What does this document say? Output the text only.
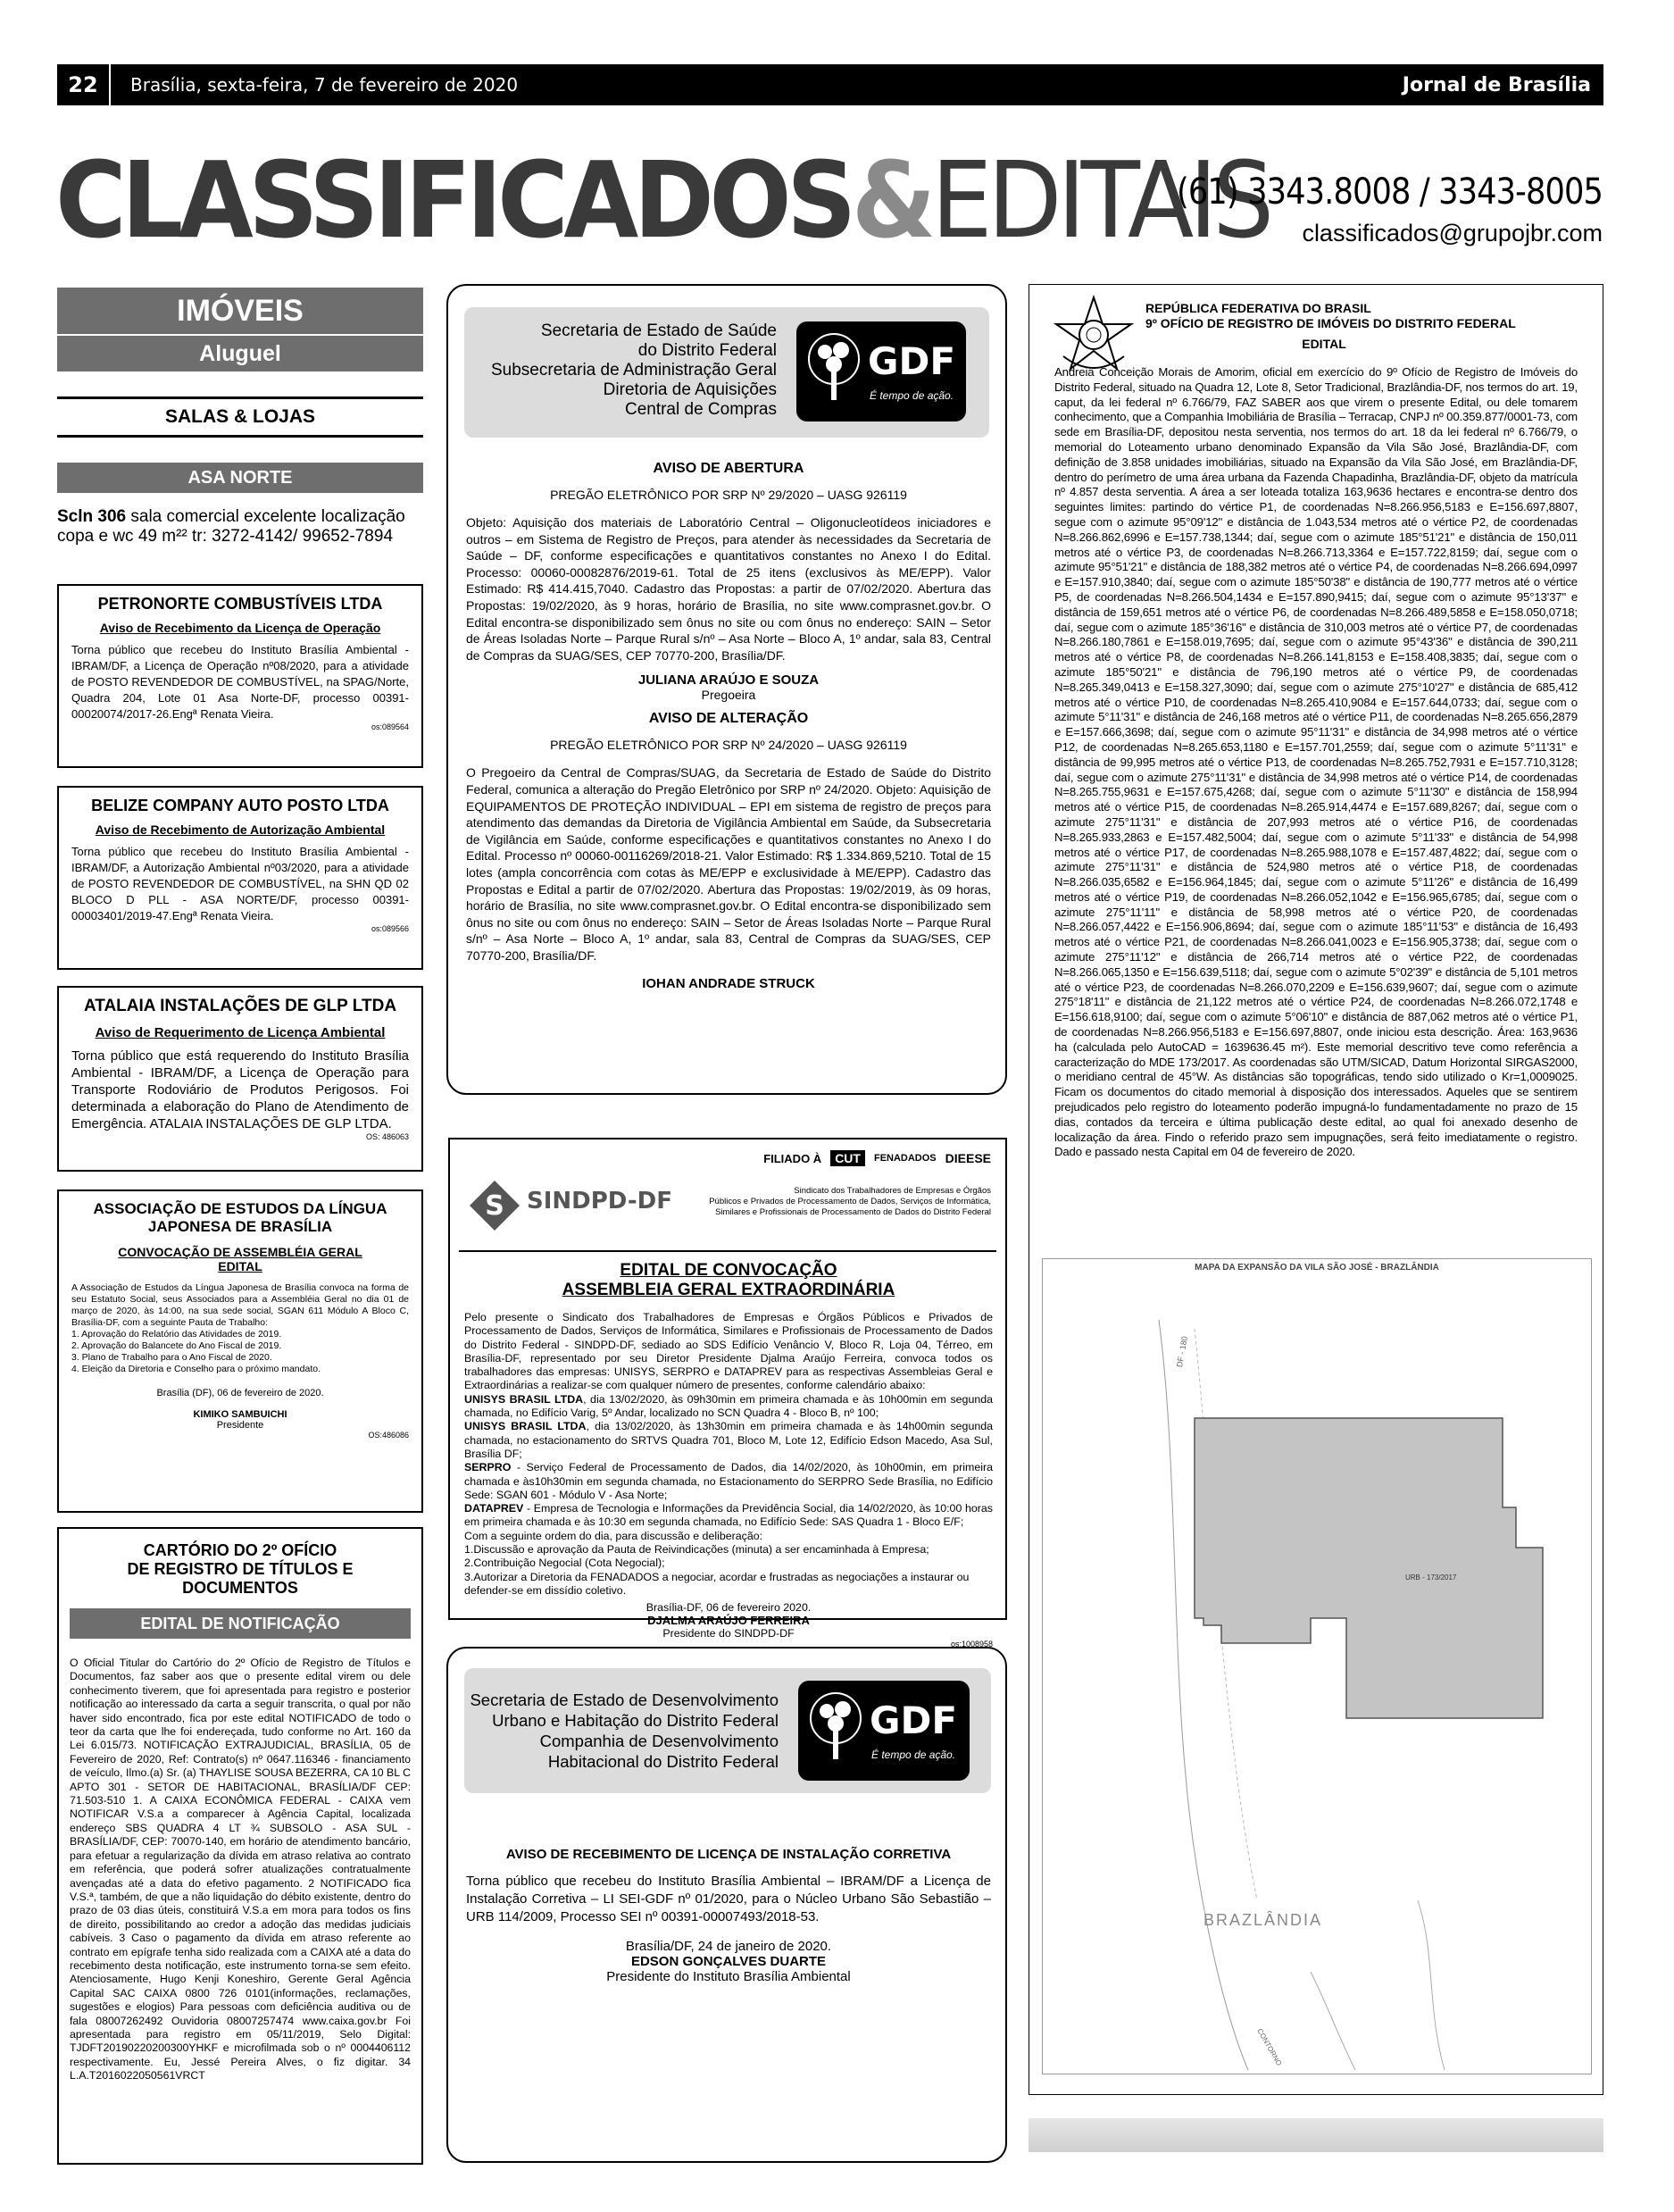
22	Brasília, sexta-feira, 7 de fevereiro de 2020	Jornal de Brasília
CLASSIFICADOS&EDITAIS
(61) 3343.8008 / 3343-8005
classificados@grupojbr.com
IMÓVEIS
Aluguel
SALAS & LOJAS
ASA NORTE

Scln 306 sala comercial excelente localização copa e wc 49 m²² tr: 3272-4142/ 99652-7894

PETRONORTE COMBUSTÍVEIS LTDA
Aviso de Recebimento da Licença de Operação

Torna público que recebeu do Instituto Brasília Ambiental - IBRAM/DF, a Licença de Operação nº08/2020, para a atividade de POSTO REVENDEDOR DE COMBUSTÍVEL, na SPAG/Norte, Quadra 204, Lote 01 Asa Norte-DF, processo 00391-00020074/2017-26.Engª Renata Vieira.

os:089564
BELIZE COMPANY AUTO POSTO LTDA
Aviso de Recebimento de Autorização Ambiental

Torna público que recebeu do Instituto Brasília Ambiental - IBRAM/DF, a Autorização Ambiental nº03/2020, para a atividade de POSTO REVENDEDOR DE COMBUSTÍVEL, na SHN QD 02 BLOCO D PLL - ASA NORTE/DF, processo 00391-00003401/2019-47.Engª Renata Vieira.

os:089566
ATALAIA INSTALAÇÕES DE GLP LTDA
Aviso de Requerimento de Licença Ambiental

Torna público que está requerendo do Instituto Brasília Ambiental - IBRAM/DF, a Licença de Operação para Transporte Rodoviário de Produtos Perigosos. Foi determinada a elaboração do Plano de Atendimento de Emergência. ATALAIA INSTALAÇÕES DE GLP LTDA.

OS: 486063
ASSOCIAÇÃO DE ESTUDOS DA LÍNGUA
JAPONESA DE BRASÍLIA
CONVOCAÇÃO DE ASSEMBLÉIA GERAL
EDITAL

A Associação de Estudos da Língua Japonesa de Brasília convoca na forma de seu Estatuto Social, seus Associados para a Assembléia Geral no dia 01 de março de 2020, às 14:00, na sua sede social, SGAN 611 Módulo A Bloco C, Brasília-DF, com a seguinte Pauta de Trabalho:

1. Aprovação do Relatório das Atividades de 2019.
2. Aprovação do Balancete do Ano Fiscal de 2019.
3. Plano de Trabalho para o Ano Fiscal de 2020.
4. Eleição da Diretoria e Conselho para o próximo mandato.
Brasília (DF), 06 de fevereiro de 2020.
KIMIKO SAMBUICHI
Presidente
OS:486086
CARTÓRIO DO 2º OFÍCIO
DE REGISTRO DE TÍTULOS E DOCUMENTOS
EDITAL DE NOTIFICAÇÃO

O Oficial Titular do Cartório do 2º Ofício de Registro de Títulos e Documentos, faz saber aos que o presente edital virem ou dele conhecimento tiverem, que foi apresentada para registro e posterior notificação ao interessado da carta a seguir transcrita, o qual por não haver sido encontrado, fica por este edital NOTIFICADO de todo o teor da carta que lhe foi endereçada, tudo conforme no Art. 160 da Lei 6.015/73. NOTIFICAÇÃO EXTRAJUDICIAL, BRASÍLIA, 05 de Fevereiro de 2020, Ref: Contrato(s) nº 0647.116346 - financiamento de veículo, Ilmo.(a) Sr. (a) THAYLISE SOUSA BEZERRA, CA 10 BL C APTO 301 - SETOR DE HABITACIONAL, BRASÍLIA/DF CEP: 71.503-510 1. A CAIXA ECONÔMICA FEDERAL - CAIXA vem NOTIFICAR V.S.a a comparecer à Agência Capital, localizada endereço SBS QUADRA 4 LT ¾ SUBSOLO - ASA SUL - BRASÍLIA/DF, CEP: 70070-140, em horário de atendimento bancário, para efetuar a regularização da dívida em atraso relativa ao contrato em referência, que poderá sofrer atualizações contratualmente avençadas até a data do efetivo pagamento. 2 NOTIFICADO fica V.S.ª, também, de que a não liquidação do débito existente, dentro do prazo de 03 dias úteis, constituirá V.S.a em mora para todos os fins de direito, possibilitando ao credor a adoção das medidas judiciais cabíveis. 3 Caso o pagamento da dívida em atraso referente ao contrato em epígrafe tenha sido realizada com a CAIXA até a data do recebimento desta notificação, este instrumento torna-se sem efeito. Atenciosamente, Hugo Kenji Koneshiro, Gerente Geral Agência Capital SAC CAIXA 0800 726 0101(informações, reclamações, sugestões e elogios) Para pessoas com deficiência auditiva ou de fala 08007262492 Ouvidoria 08007257474 www.caixa.gov.br Foi apresentada para registro em 05/11/2019, Selo Digital: TJDFT20190220200300YHKF e microfilmada sob o nº 0004406112 respectivamente. Eu, Jessé Pereira Alves, o fiz digitar. 34 L.A.T2016022050561VRCT

Secretaria de Estado de Saúde
do Distrito Federal
Subsecretaria de Administração Geral
Diretoria de Aquisições
Central de Compras
GDF
É tempo de ação.
AVISO DE ABERTURA
PREGÃO ELETRÔNICO POR SRP Nº 29/2020 – UASG 926119

Objeto: Aquisição dos materiais de Laboratório Central – Oligonucleotídeos iniciadores e outros – em Sistema de Registro de Preços, para atender às necessidades da Secretaria de Saúde – DF, conforme especificações e quantitativos constantes no Anexo I do Edital. Processo: 00060-00082876/2019-61. Total de 25 itens (exclusivos às ME/EPP). Valor Estimado: R$ 414.415,7040. Cadastro das Propostas: a partir de 07/02/2020. Abertura das Propostas: 19/02/2020, às 9 horas, horário de Brasília, no site www.comprasnet.gov.br. O Edital encontra-se disponibilizado sem ônus no site ou com ônus no endereço: SAIN – Setor de Áreas Isoladas Norte – Parque Rural s/nº – Asa Norte – Bloco A, 1º andar, sala 83, Central de Compras da SUAG/SES, CEP 70770-200, Brasília/DF.

JULIANA ARAÚJO E SOUZA
Pregoeira
AVISO DE ALTERAÇÃO
PREGÃO ELETRÔNICO POR SRP Nº 24/2020 – UASG 926119

O Pregoeiro da Central de Compras/SUAG, da Secretaria de Estado de Saúde do Distrito Federal, comunica a alteração do Pregão Eletrônico por SRP nº 24/2020. Objeto: Aquisição de EQUIPAMENTOS DE PROTEÇÃO INDIVIDUAL – EPI em sistema de registro de preços para atendimento das demandas da Diretoria de Vigilância Ambiental em Saúde, da Subsecretaria de Vigilância em Saúde, conforme especificações e quantitativos constantes no Anexo I do Edital. Processo nº 00060-00116269/2018-21. Valor Estimado: R$ 1.334.869,5210. Total de 15 lotes (ampla concorrência com cotas às ME/EPP e exclusividade à ME/EPP). Cadastro das Propostas e Edital a partir de 07/02/2020. Abertura das Propostas: 19/02/2019, às 09 horas, horário de Brasília, no site www.comprasnet.gov.br. O Edital encontra-se disponibilizado sem ônus no site ou com ônus no endereço: SAIN – Setor de Áreas Isoladas Norte – Parque Rural s/nº – Asa Norte – Bloco A, 1º andar, sala 83, Central de Compras da SUAG/SES, CEP 70770-200, Brasília/DF.

IOHAN ANDRADE STRUCK
FILIADO À	CUT	FENADADOS DIEESE
S SINDPD-DF	Sindicato dos Trabalhadores de Empresas e Órgãos
Públicos e Privados de Processamento de Dados, Serviços de Informática,
Similares e Profissionais de Processamento de Dados do Distrito Federal
EDITAL DE CONVOCAÇÃO
ASSEMBLEIA GERAL EXTRAORDINÁRIA

Pelo presente o Sindicato dos Trabalhadores de Empresas e Órgãos Públicos e Privados de Processamento de Dados, Serviços de Informática, Similares e Profissionais de Processamento de Dados do Distrito Federal - SINDPD-DF, sediado ao SDS Edifício Venâncio V, Bloco R, Loja 04, Térreo, em Brasília-DF, representado por seu Diretor Presidente Djalma Araújo Ferreira, convoca todos os trabalhadores das empresas: UNISYS, SERPRO e DATAPREV para as respectivas Assembleias Geral e Extraordinárias a realizar-se com qualquer número de presentes, conforme calendário abaixo:

UNISYS BRASIL LTDA, dia 13/02/2020, às 09h30min em primeira chamada e às 10h00min em segunda chamada, no Edifício Varig, 5º Andar, localizado no SCN Quadra 4 - Bloco B, nº 100;

UNISYS BRASIL LTDA, dia 13/02/2020, às 13h30min em primeira chamada e às 14h00min segunda chamada, no estacionamento do SRTVS Quadra 701, Bloco M, Lote 12, Edifício Edson Macedo, Asa Sul, Brasília DF;

SERPRO - Serviço Federal de Processamento de Dados, dia 14/02/2020, às 10h00min, em primeira chamada e às10h30min em segunda chamada, no Estacionamento do SERPRO Sede Brasília, no Edifício Sede: SGAN 601 - Módulo V - Asa Norte;

DATAPREV - Empresa de Tecnologia e Informações da Previdência Social, dia 14/02/2020, às 10:00 horas em primeira chamada e às 10:30 em segunda chamada, no Edifício Sede: SAS Quadra 1 - Bloco E/F;

Com a seguinte ordem do dia, para discussão e deliberação:

1.Discussão e aprovação da Pauta de Reivindicações (minuta) a ser encaminhada à Empresa;

2.Contribuição Negocial (Cota Negocial);

3.Autorizar a Diretoria da FENADADOS a negociar, acordar e frustradas as negociações a instaurar ou defender-se em dissídio coletivo.

Brasília-DF, 06 de fevereiro 2020.
DJALMA ARAÚJO FERREIRA
Presidente do SINDPD-DF
os:1008958
Secretaria de Estado de Desenvolvimento
Urbano e Habitação do Distrito Federal
Companhia de Desenvolvimento
Habitacional do Distrito Federal
GDF
É tempo de ação.
AVISO DE RECEBIMENTO DE LICENÇA DE INSTALAÇÃO CORRETIVA

Torna público que recebeu do Instituto Brasília Ambiental – IBRAM/DF a Licença de Instalação Corretiva – LI SEI-GDF nº 01/2020, para o Núcleo Urbano São Sebastião – URB 114/2009, Processo SEI nº 00391-00007493/2018-53.

Brasília/DF, 24 de janeiro de 2020.
EDSON GONÇALVES DUARTE
Presidente do Instituto Brasília Ambiental
REPÚBLICA FEDERATIVA DO BRASIL
9º OFÍCIO DE REGISTRO DE IMÓVEIS DO DISTRITO FEDERAL
EDITAL

Andreia Conceição Morais de Amorim, oficial em exercício do 9º Ofício de Registro de Imóveis do Distrito Federal, situado na Quadra 12, Lote 8, Setor Tradicional, Brazlândia-DF, nos termos do art. 19, caput, da lei federal nº 6.766/79, FAZ SABER aos que virem o presente Edital, ou dele tomarem conhecimento, que a Companhia Imobiliária de Brasília – Terracap, CNPJ nº 00.359.877/0001-73, com sede em Brasília-DF, depositou nesta serventia, nos termos do art. 18 da lei federal nº 6.766/79, o memorial do Loteamento urbano denominado Expansão da Vila São José, Brazlândia-DF, com definição de 3.858 unidades imobiliárias, situado na Expansão da Vila São José, em Brazlândia-DF, dentro do perímetro de uma área urbana da Fazenda Chapadinha, Brazlândia-DF, objeto da matrícula nº 4.857 desta serventia. A área a ser loteada totaliza 163,9636 hectares e encontra-se dentro dos seguintes limites: partindo do vértice P1, de coordenadas N=8.266.956,5183 e E=156.697,8807, segue com o azimute 95°09'12" e distância de 1.043,534 metros até o vértice P2, de coordenadas N=8.266.862,6996 e E=157.738,1344; daí, segue com o azimute 185°51'21" e distância de 150,011 metros até o vértice P3, de coordenadas N=8.266.713,3364 e E=157.722,8159; daí, segue com o azimute 95°51'21" e distância de 188,382 metros até o vértice P4, de coordenadas N=8.266.694,0997 e E=157.910,3840; daí, segue com o azimute 185°50'38" e distância de 190,777 metros até o vértice P5, de coordenadas N=8.266.504,1434 e E=157.890,9415; daí, segue com o azimute 95°13'37" e distância de 159,651 metros até o vértice P6, de coordenadas N=8.266.489,5858 e E=158.050,0718; daí, segue com o azimute 185°36'16" e distância de 310,003 metros até o vértice P7, de coordenadas N=8.266.180,7861 e E=158.019,7695; daí, segue com o azimute 95°43'36" e distância de 390,211 metros até o vértice P8, de coordenadas N=8.266.141,8153 e E=158.408,3835; daí, segue com o azimute 185°50'21" e distância de 796,190 metros até o vértice P9, de coordenadas N=8.265.349,0413 e E=158.327,3090; daí, segue com o azimute 275°10'27" e distância de 685,412 metros até o vértice P10, de coordenadas N=8.265.410,9084 e E=157.644,0733; daí, segue com o azimute 5°11'31" e distância de 246,168 metros até o vértice P11, de coordenadas N=8.265.656,2879 e E=157.666,3698; daí, segue com o azimute 95°11'31" e distância de 34,998 metros até o vértice P12, de coordenadas N=8.265.653,1180 e E=157.701,2559; daí, segue com o azimute 5°11'31" e distância de 99,995 metros até o vértice P13, de coordenadas N=8.265.752,7931 e E=157.710,3128; daí, segue com o azimute 275°11'31" e distância de 34,998 metros até o vértice P14, de coordenadas N=8.265.755,9631 e E=157.675,4268; daí, segue com o azimute 5°11'30" e distância de 158,994 metros até o vértice P15, de coordenadas N=8.265.914,4474 e E=157.689,8267; daí, segue com o azimute 275°11'31" e distância de 207,993 metros até o vértice P16, de coordenadas N=8.265.933,2863 e E=157.482,5004; daí, segue com o azimute 5°11'33" e distância de 54,998 metros até o vértice P17, de coordenadas N=8.265.988,1078 e E=157.487,4822; daí, segue com o azimute 275°11'31" e distância de 524,980 metros até o vértice P18, de coordenadas N=8.266.035,6582 e E=156.964,1845; daí, segue com o azimute 5°11'26" e distância de 16,499 metros até o vértice P19, de coordenadas N=8.266.052,1042 e E=156.965,6785; daí, segue com o azimute 275°11'11" e distância de 58,998 metros até o vértice P20, de coordenadas N=8.266.057,4422 e E=156.906,8694; daí, segue com o azimute 185°11'53" e distância de 16,493 metros até o vértice P21, de coordenadas N=8.266.041,0023 e E=156.905,3738; daí, segue com o azimute 275°11'12" e distância de 266,714 metros até o vértice P22, de coordenadas N=8.266.065,1350 e E=156.639,5118; daí, segue com o azimute 5°02'39" e distância de 5,101 metros até o vértice P23, de coordenadas N=8.266.070,2209 e E=156.639,9607; daí, segue com o azimute 275°18'11" e distância de 21,122 metros até o vértice P24, de coordenadas N=8.266.072,1748 e E=156.618,9100; daí, segue com o azimute 5°06'10" e distância de 887,062 metros até o vértice P1, de coordenadas N=8.266.956,5183 e E=156.697,8807, onde iniciou esta descrição. Área: 163,9636 ha (calculada pelo AutoCAD = 1639636.45 m²). Este memorial descritivo teve como referência a caracterização do MDE 173/2017. As coordenadas são UTM/SICAD, Datum Horizontal SIRGAS2000, o meridiano central de 45°W. As distâncias são topográficas, tendo sido utilizado o Kr=1,0009025. Ficam os documentos do citado memorial à disposição dos interessados. Aqueles que se sentirem prejudicados pelo registro do loteamento poderão impugná-lo fundamentadamente no prazo de 15 dias, contados da terceira e última publicação deste edital, ao qual foi anexado desenho de localização da área. Findo o referido prazo sem impugnações, será feito imediatamente o registro. Dado e passado nesta Capital em 04 de fevereiro de 2020.

MAPA DA EXPANSÃO DA VILA SÃO JOSÉ - BRAZLÂNDIA
URB - 173/2017
BRAZLÂNDIA
DF - 180
CONTORNO
